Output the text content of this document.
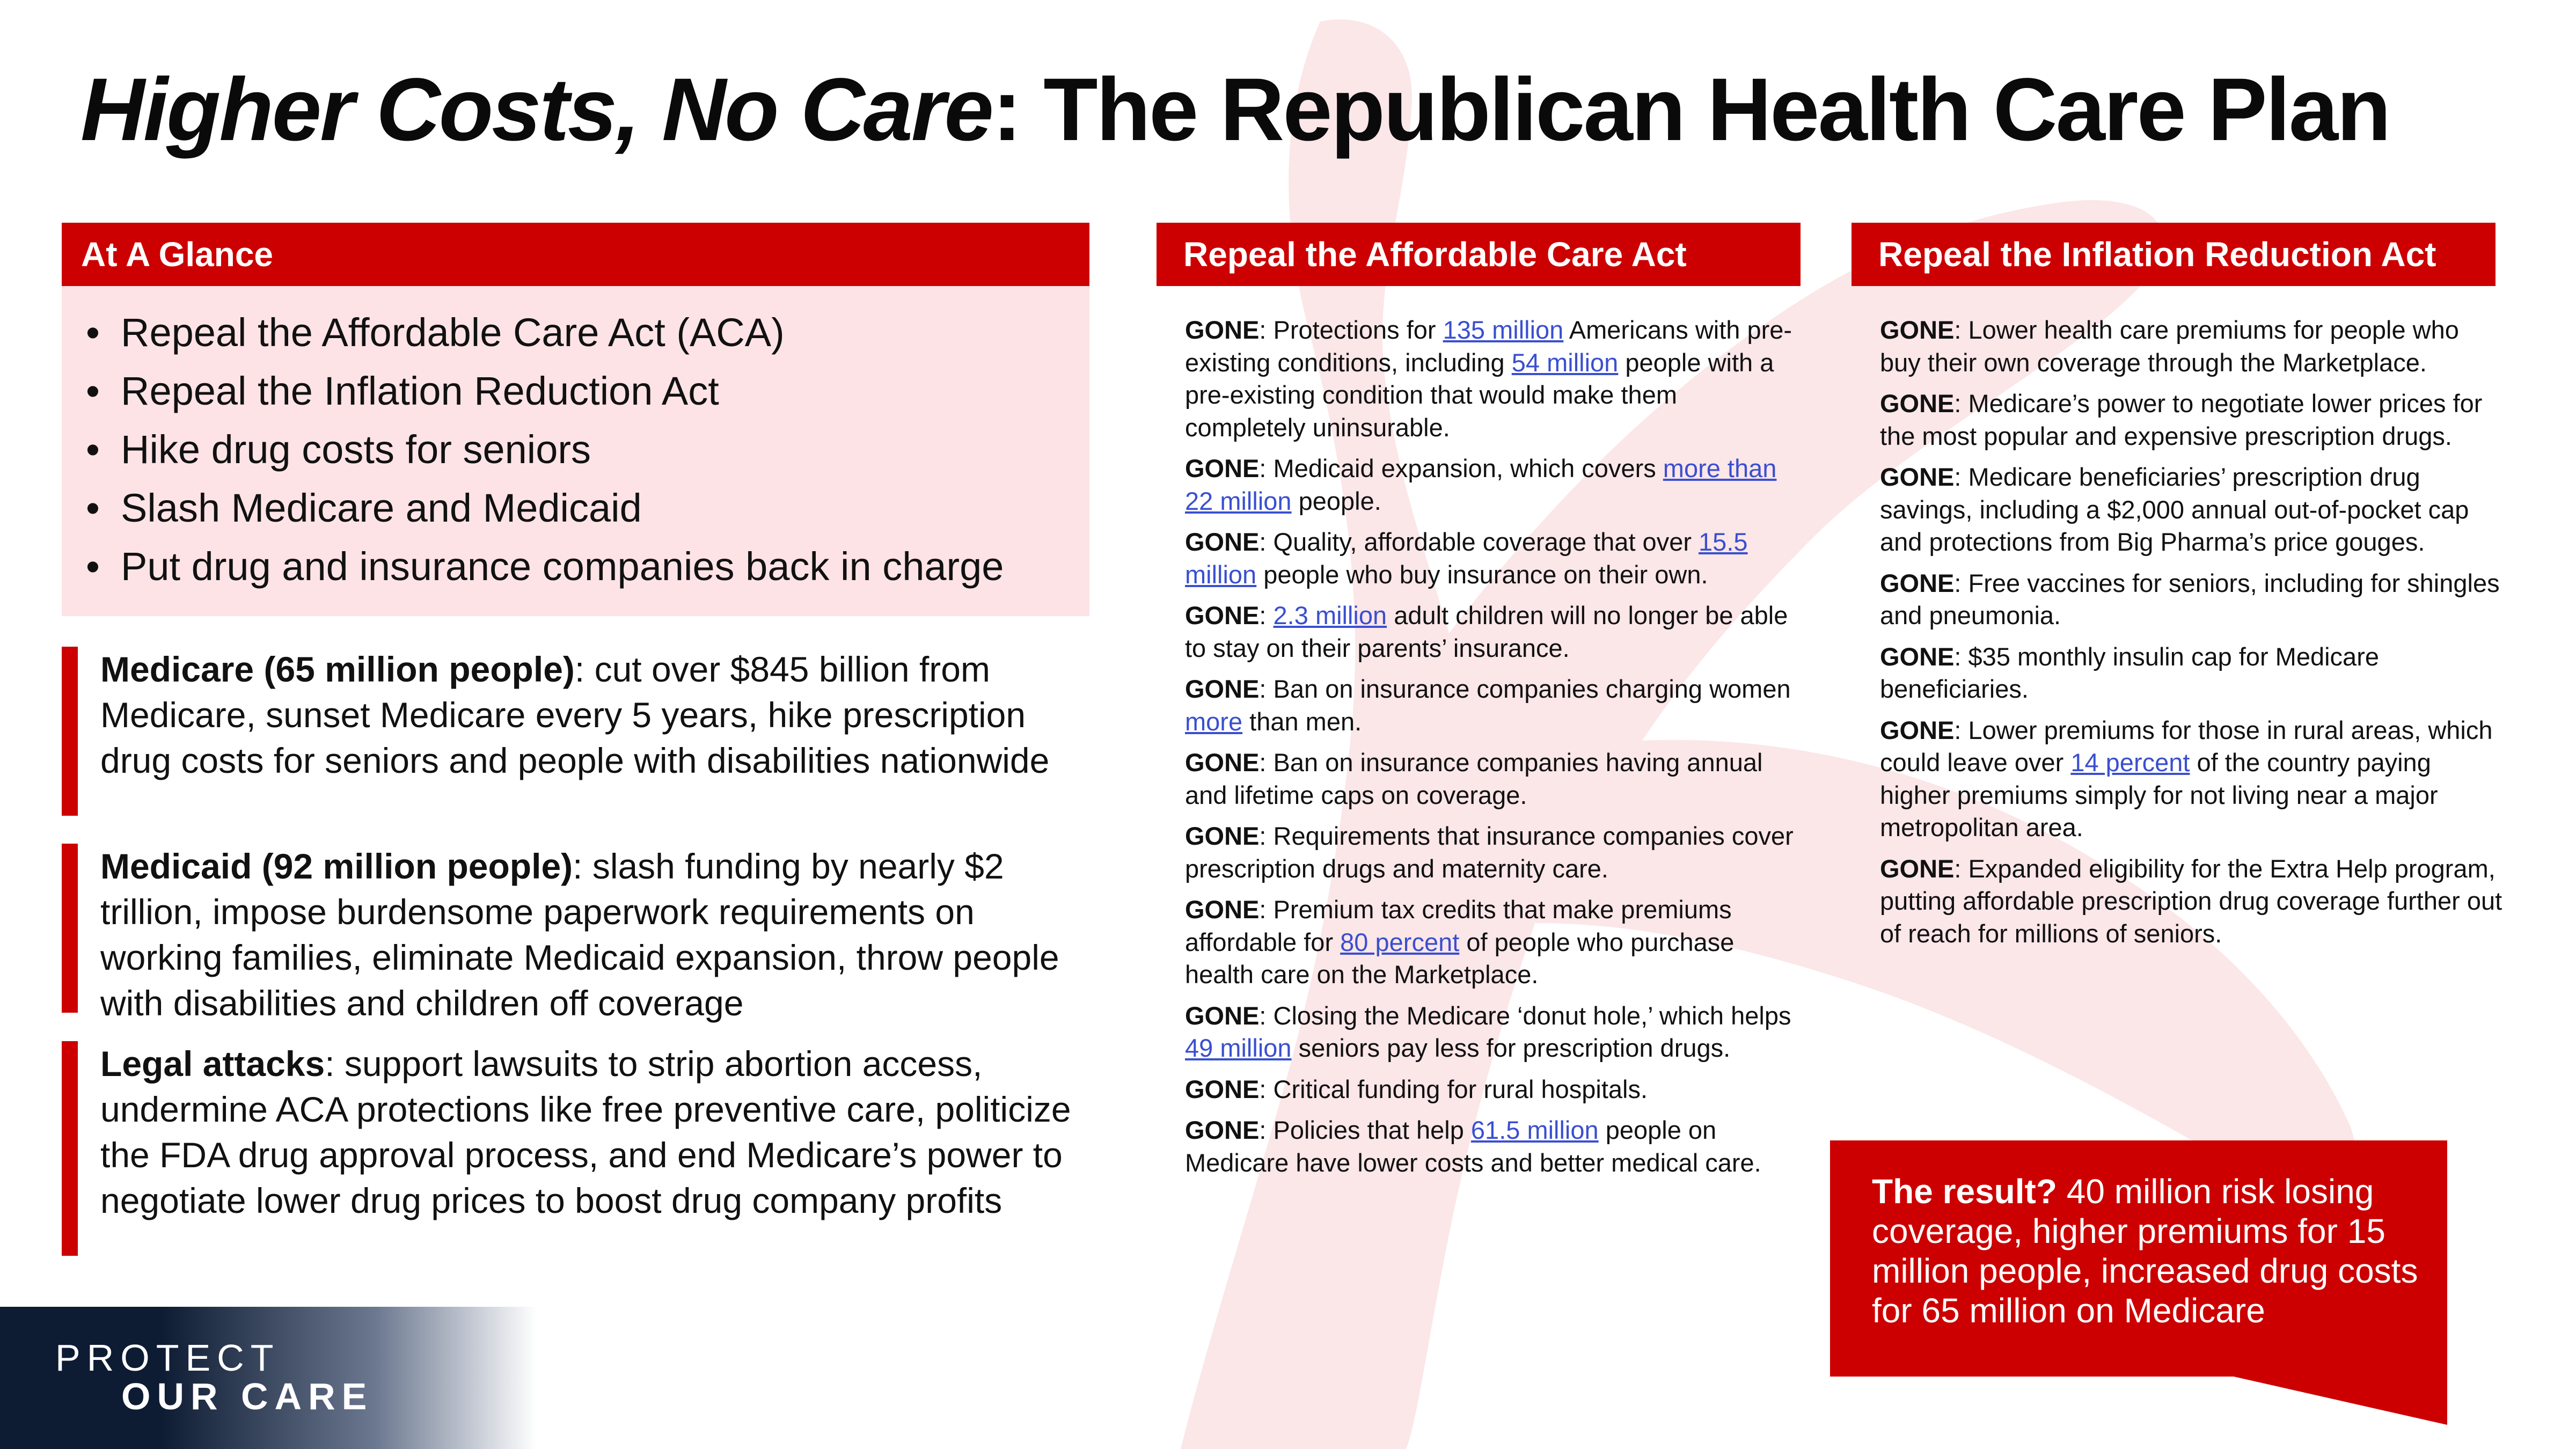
Higher Costs, No Care: The Republican Health Care Plan
At A Glance
• Repeal the Affordable Care Act (ACA)
• Repeal the Inflation Reduction Act
• Hike drug costs for seniors
• Slash Medicare and Medicaid
• Put drug and insurance companies back in charge
Medicare (65 million people): cut over $845 billion from Medicare, sunset Medicare every 5 years, hike prescription drug costs for seniors and people with disabilities nationwide
Medicaid (92 million people): slash funding by nearly $2 trillion, impose burdensome paperwork requirements on working families, eliminate Medicaid expansion, throw people with disabilities and children off coverage
Legal attacks: support lawsuits to strip abortion access, undermine ACA protections like free preventive care, politicize the FDA drug approval process, and end Medicare’s power to negotiate lower drug prices to boost drug company profits
Repeal the Affordable Care Act
GONE: Protections for 135 million Americans with pre-existing conditions, including 54 million people with a pre-existing condition that would make them completely uninsurable.
GONE: Medicaid expansion, which covers more than 22 million people.
GONE: Quality, affordable coverage that over 15.5 million people who buy insurance on their own.
GONE: 2.3 million adult children will no longer be able to stay on their parents’ insurance.
GONE: Ban on insurance companies charging women more than men.
GONE: Ban on insurance companies having annual and lifetime caps on coverage.
GONE: Requirements that insurance companies cover prescription drugs and maternity care.
GONE: Premium tax credits that make premiums affordable for 80 percent of people who purchase health care on the Marketplace.
GONE: Closing the Medicare ‘donut hole,’ which helps 49 million seniors pay less for prescription drugs.
GONE: Critical funding for rural hospitals.
GONE: Policies that help 61.5 million people on Medicare have lower costs and better medical care.
Repeal the Inflation Reduction Act
GONE: Lower health care premiums for people who buy their own coverage through the Marketplace.
GONE: Medicare’s power to negotiate lower prices for the most popular and expensive prescription drugs.
GONE: Medicare beneficiaries’ prescription drug savings, including a $2,000 annual out-of-pocket cap and protections from Big Pharma’s price gouges.
GONE: Free vaccines for seniors, including for shingles and pneumonia.
GONE: $35 monthly insulin cap for Medicare beneficiaries.
GONE: Lower premiums for those in rural areas, which could leave over 14 percent of the country paying higher premiums simply for not living near a major metropolitan area.
GONE: Expanded eligibility for the Extra Help program, putting affordable prescription drug coverage further out of reach for millions of seniors.
The result? 40 million risk losing coverage, higher premiums for 15 million people, increased drug costs for 65 million on Medicare
PROTECT
OUR CARE
